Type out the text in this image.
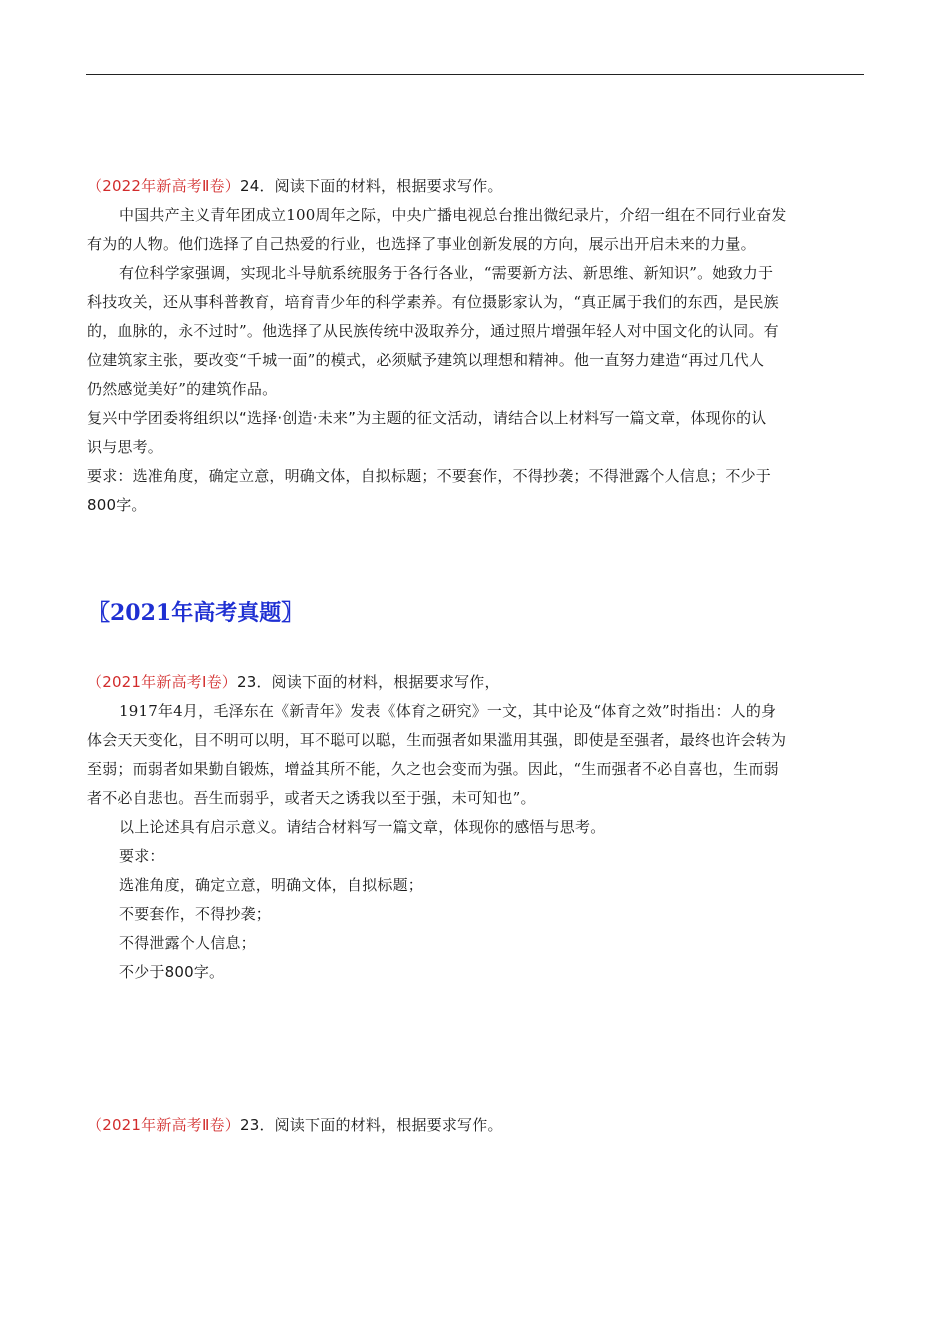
（2022年新高考Ⅱ卷）24．阅读下面的材料，根据要求写作。
中国共产主义青年团成立100周年之际，中央广播电视总台推出微纪录片，介绍一组在不同行业奋发
有为的人物。他们选择了自己热爱的行业，也选择了事业创新发展的方向，展示出开启未来的力量。
有位科学家强调，实现北斗导航系统服务于各行各业，“需要新方法、新思维、新知识”。她致力于
科技攻关，还从事科普教育，培育青少年的科学素养。有位摄影家认为，“真正属于我们的东西，是民族
的，血脉的，永不过时”。他选择了从民族传统中汲取养分，通过照片增强年轻人对中国文化的认同。有
位建筑家主张，要改变“千城一面”的模式，必须赋予建筑以理想和精神。他一直努力建造“再过几代人
仍然感觉美好”的建筑作品。
复兴中学团委将组织以“选择·创造·未来”为主题的征文活动，请结合以上材料写一篇文章，体现你的认
识与思考。
要求：选准角度，确定立意，明确文体，自拟标题；不要套作，不得抄袭；不得泄露个人信息；不少于
800字。
〖2021年高考真题〗
（2021年新高考Ⅰ卷）23．阅读下面的材料，根据要求写作，
1917年4月，毛泽东在《新青年》发表《体育之研究》一文，其中论及“体育之效”时指出：人的身
体会天天变化，目不明可以明，耳不聪可以聪，生而强者如果滥用其强，即使是至强者，最终也许会转为
至弱；而弱者如果勤自锻炼，增益其所不能，久之也会变而为强。因此，“生而强者不必自喜也，生而弱
者不必自悲也。吾生而弱乎，或者天之诱我以至于强，未可知也”。
以上论述具有启示意义。请结合材料写一篇文章，体现你的感悟与思考。
要求：
选准角度，确定立意，明确文体，自拟标题；
不要套作，不得抄袭；
不得泄露个人信息；
不少于800字。
（2021年新高考Ⅱ卷）23．阅读下面的材料，根据要求写作。
